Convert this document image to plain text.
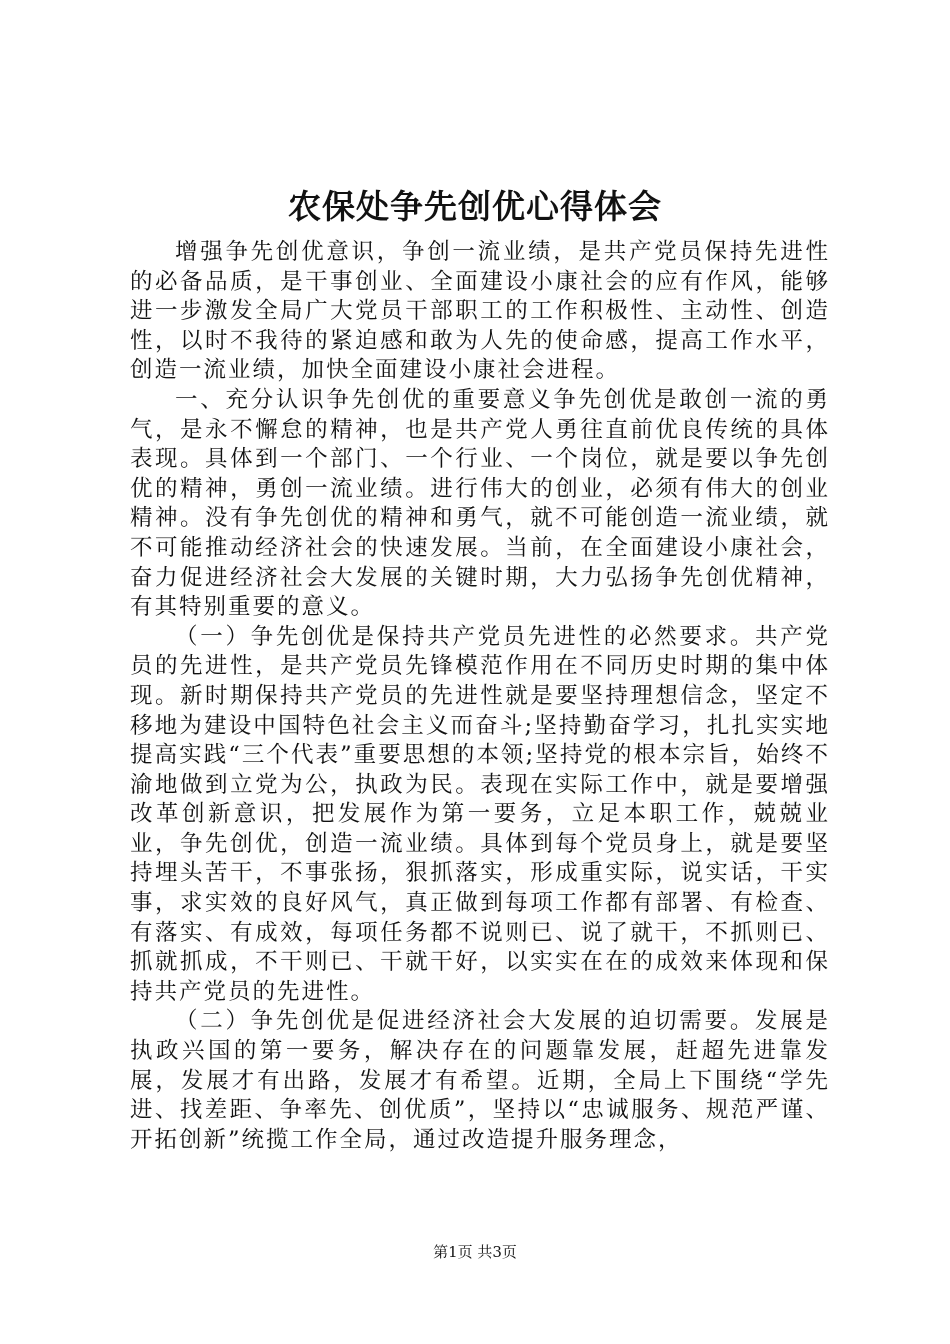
农保处争先创优心得体会

增强争先创优意识，争创一流业绩，是共产党员保持先进性的必备品质，是干事创业、全面建设小康社会的应有作风，能够进一步激发全局广大党员干部职工的工作积极性、主动性、创造性，以时不我待的紧迫感和敢为人先的使命感，提高工作水平，创造一流业绩，加快全面建设小康社会进程。

一、充分认识争先创优的重要意义争先创优是敢创一流的勇气，是永不懈怠的精神，也是共产党人勇往直前优良传统的具体表现。具体到一个部门、一个行业、一个岗位，就是要以争先创优的精神，勇创一流业绩。进行伟大的创业，必须有伟大的创业精神。没有争先创优的精神和勇气，就不可能创造一流业绩，就不可能推动经济社会的快速发展。当前，在全面建设小康社会，奋力促进经济社会大发展的关键时期，大力弘扬争先创优精神，有其特别重要的意义。

（一）争先创优是保持共产党员先进性的必然要求。共产党员的先进性，是共产党员先锋模范作用在不同历史时期的集中体现。新时期保持共产党员的先进性就是要坚持理想信念，坚定不移地为建设中国特色社会主义而奋斗;坚持勤奋学习，扎扎实实地提高实践“三个代表”重要思想的本领;坚持党的根本宗旨，始终不渝地做到立党为公，执政为民。表现在实际工作中，就是要增强改革创新意识，把发展作为第一要务，立足本职工作，兢兢业业，争先创优，创造一流业绩。具体到每个党员身上，就是要坚持埋头苦干，不事张扬，狠抓落实，形成重实际，说实话，干实事，求实效的良好风气，真正做到每项工作都有部署、有检查、有落实、有成效，每项任务都不说则已、说了就干，不抓则已、抓就抓成，不干则已、干就干好，以实实在在的成效来体现和保持共产党员的先进性。

（二）争先创优是促进经济社会大发展的迫切需要。发展是执政兴国的第一要务，解决存在的问题靠发展，赶超先进靠发展，发展才有出路，发展才有希望。近期，全局上下围绕“学先进、找差距、争率先、创优质”，坚持以“忠诚服务、规范严谨、开拓创新”统揽工作全局，通过改造提升服务理念，

第1页 共3页
